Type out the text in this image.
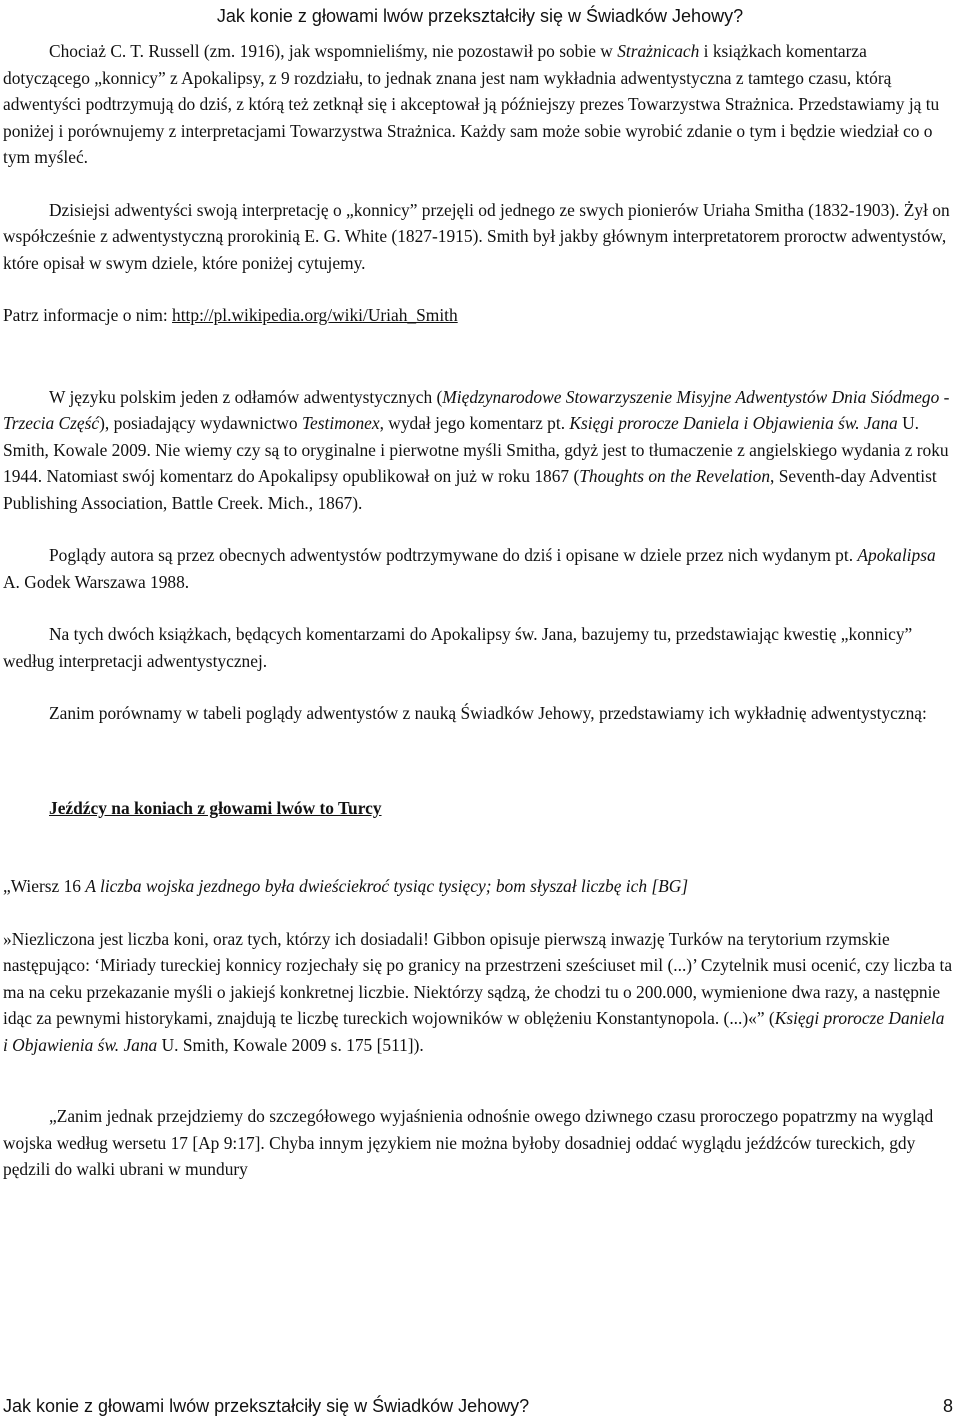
Jak konie z głowami lwów przekształciły się w Świadków Jehowy?

Chociaż C. T. Russell (zm. 1916), jak wspomnieliśmy, nie pozostawił po sobie w Strażnicach i książkach komentarza dotyczącego „konnicy” z Apokalipsy, z 9 rozdziału, to jednak znana jest nam wykładnia adwentystyczna z tamtego czasu, którą adwentyści podtrzymują do dziś, z którą też zetknął się i akceptował ją późniejszy prezes Towarzystwa Strażnica. Przedstawiamy ją tu poniżej i porównujemy z interpretacjami Towarzystwa Strażnica. Każdy sam może sobie wyrobić zdanie o tym i będzie wiedział co o tym myśleć.

Dzisiejsi adwentyści swoją interpretację o „konnicy” przejęli od jednego ze swych pionierów Uriaha Smitha (1832-1903). Żył on współcześnie z adwentystyczną prorokinią E. G. White (1827-1915). Smith był jakby głównym interpretatorem proroctw adwentystów, które opisał w swym dziele, które poniżej cytujemy.

Patrz informacje o nim: http://pl.wikipedia.org/wiki/Uriah_Smith

W języku polskim jeden z odłamów adwentystycznych (Międzynarodowe Stowarzyszenie Misyjne Adwentystów Dnia Siódmego - Trzecia Część), posiadający wydawnictwo Testimonex, wydał jego komentarz pt. Księgi prorocze Daniela i Objawienia św. Jana U. Smith, Kowale 2009. Nie wiemy czy są to oryginalne i pierwotne myśli Smitha, gdyż jest to tłumaczenie z angielskiego wydania z roku 1944. Natomiast swój komentarz do Apokalipsy opublikował on już w roku 1867 (Thoughts on the Revelation, Seventh-day Adventist Publishing Association, Battle Creek. Mich., 1867).

Poglądy autora są przez obecnych adwentystów podtrzymywane do dziś i opisane w dziele przez nich wydanym pt. Apokalipsa A. Godek Warszawa 1988.

Na tych dwóch książkach, będących komentarzami do Apokalipsy św. Jana, bazujemy tu, przedstawiając kwestię „konnicy” według interpretacji adwentystycznej.

Zanim porównamy w tabeli poglądy adwentystów z nauką Świadków Jehowy, przedstawiamy ich wykładnię adwentystyczną:

Jeźdźcy na koniach z głowami lwów to Turcy

„Wiersz 16 A liczba wojska jezdnego była dwieściekroć tysiąc tysięcy; bom słyszał liczbę ich [BG]

»Niezliczona jest liczba koni, oraz tych, którzy ich dosiadali! Gibbon opisuje pierwszą inwazję Turków na terytorium rzymskie następująco: ‘Miriady tureckiej konnicy rozjechały się po granicy na przestrzeni sześciuset mil (...)’ Czytelnik musi ocenić, czy liczba ta ma na ceku przekazanie myśli o jakiejś konkretnej liczbie. Niektórzy sądzą, że chodzi tu o 200.000, wymienione dwa razy, a następnie idąc za pewnymi historykami, znajdują te liczbę tureckich wojowników w oblężeniu Konstantynopola. (...)«” (Księgi prorocze Daniela i Objawienia św. Jana U. Smith, Kowale 2009 s. 175 [511]).

„Zanim jednak przejdziemy do szczegółowego wyjaśnienia odnośnie owego dziwnego czasu proroczego popatrzmy na wygląd wojska według wersetu 17 [Ap 9:17]. Chyba innym językiem nie można byłoby dosadniej oddać wyglądu jeźdźców tureckich, gdy pędzili do walki ubrani w mundury

Jak konie z głowami lwów przekształciły się w Świadków Jehowy?	8
